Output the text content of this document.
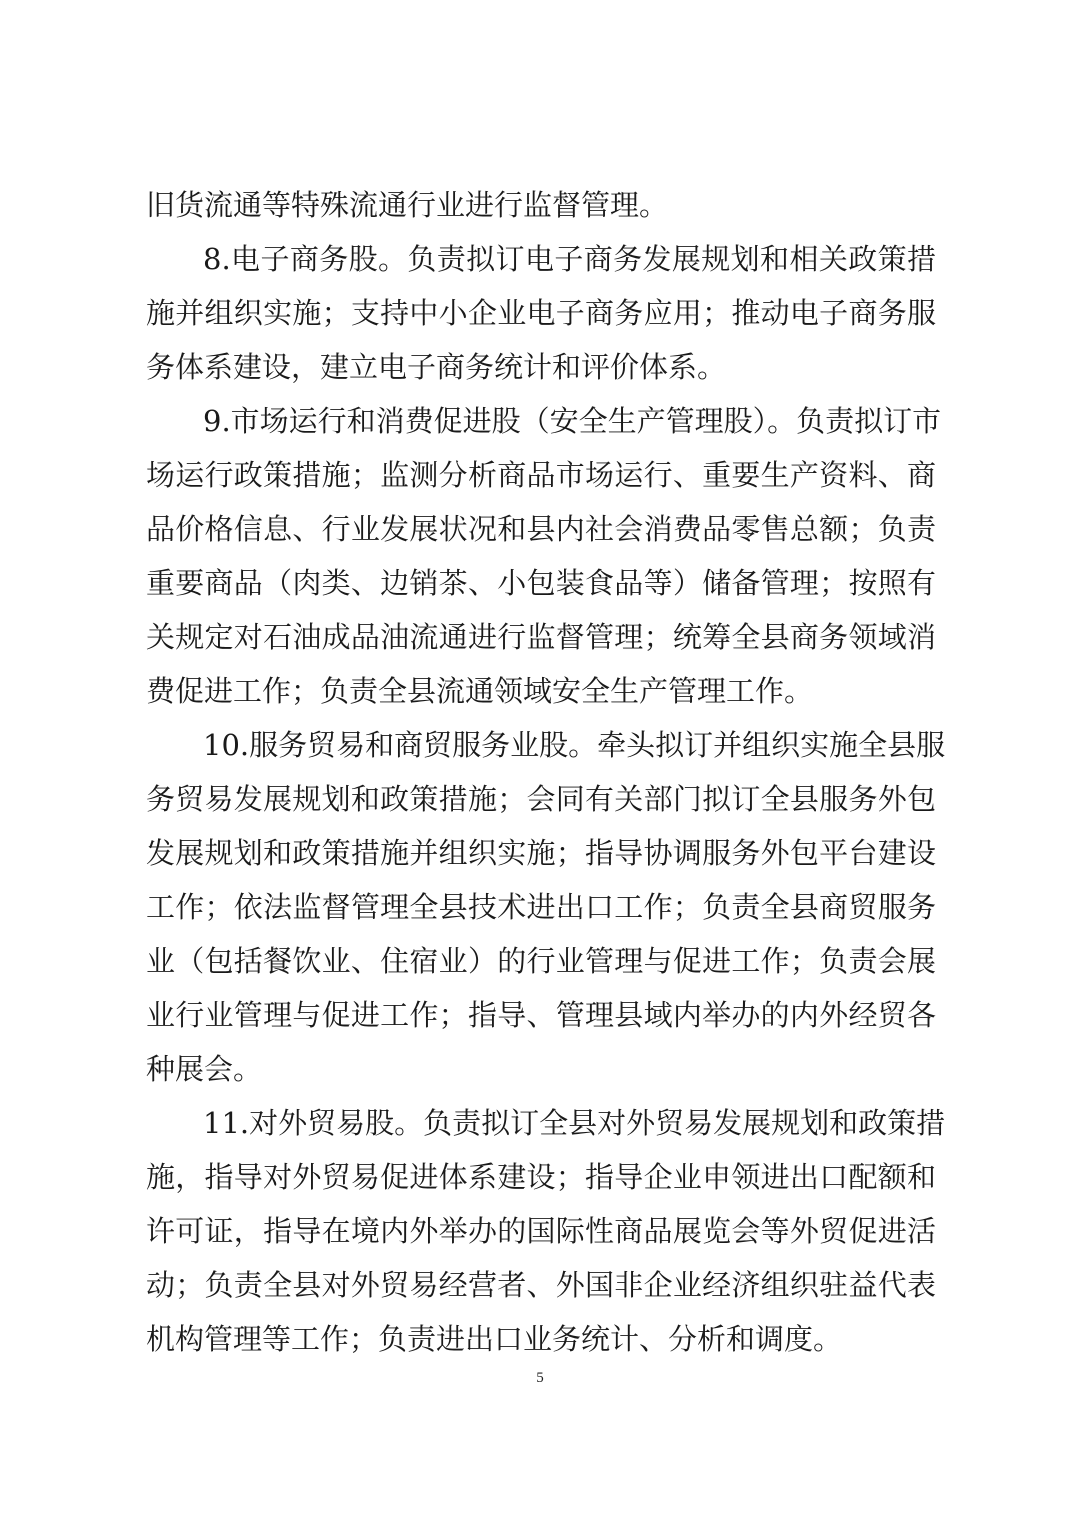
旧货流通等特殊流通行业进行监督管理。
8.电子商务股。负责拟订电子商务发展规划和相关政策措
施并组织实施；支持中小企业电子商务应用；推动电子商务服
务体系建设，建立电子商务统计和评价体系。
9.市场运行和消费促进股（安全生产管理股）。负责拟订市
场运行政策措施；监测分析商品市场运行、重要生产资料、商
品价格信息、行业发展状况和县内社会消费品零售总额；负责
重要商品（肉类、边销茶、小包装食品等）储备管理；按照有
关规定对石油成品油流通进行监督管理；统筹全县商务领域消
费促进工作；负责全县流通领域安全生产管理工作。
10.服务贸易和商贸服务业股。牵头拟订并组织实施全县服
务贸易发展规划和政策措施；会同有关部门拟订全县服务外包
发展规划和政策措施并组织实施；指导协调服务外包平台建设
工作；依法监督管理全县技术进出口工作；负责全县商贸服务
业（包括餐饮业、住宿业）的行业管理与促进工作；负责会展
业行业管理与促进工作；指导、管理县域内举办的内外经贸各
种展会。
11.对外贸易股。负责拟订全县对外贸易发展规划和政策措
施，指导对外贸易促进体系建设；指导企业申领进出口配额和
许可证，指导在境内外举办的国际性商品展览会等外贸促进活
动；负责全县对外贸易经营者、外国非企业经济组织驻益代表
机构管理等工作；负责进出口业务统计、分析和调度。
5
